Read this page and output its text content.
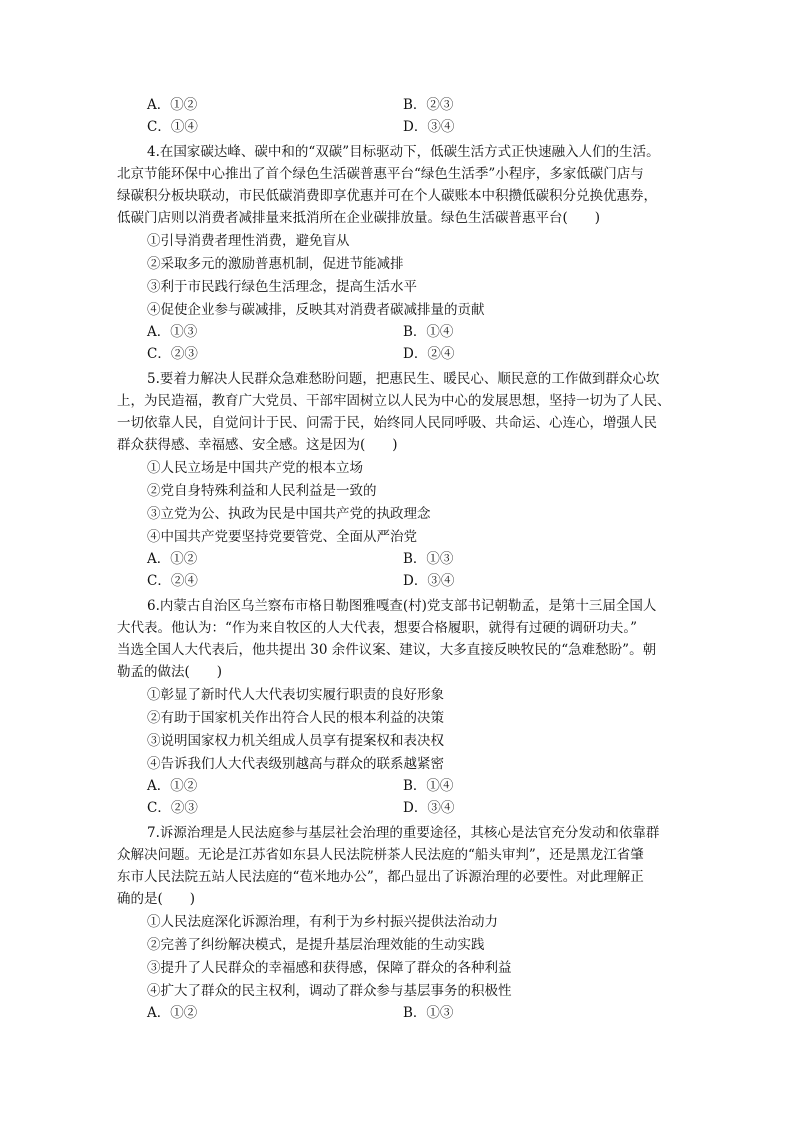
A．①②	B．②③
C．①④	D．③④
4.在国家碳达峰、碳中和的“双碳”目标驱动下，低碳生活方式正快速融入人们的生活。
北京节能环保中心推出了首个绿色生活碳普惠平台“绿色生活季”小程序，多家低碳门店与
绿碳积分板块联动，市民低碳消费即享优惠并可在个人碳账本中积攒低碳积分兑换优惠券，
低碳门店则以消费者减排量来抵消所在企业碳排放量。绿色生活碳普惠平台(　　)
①引导消费者理性消费，避免盲从
②采取多元的激励普惠机制，促进节能减排
③利于市民践行绿色生活理念，提高生活水平
④促使企业参与碳减排，反映其对消费者碳减排量的贡献
A．①③	B．①④
C．②③	D．②④
5.要着力解决人民群众急难愁盼问题，把惠民生、暖民心、顺民意的工作做到群众心坎
上，为民造福，教育广大党员、干部牢固树立以人民为中心的发展思想，坚持一切为了人民、
一切依靠人民，自觉问计于民、问需于民，始终同人民同呼吸、共命运、心连心，增强人民
群众获得感、幸福感、安全感。这是因为(　　)
①人民立场是中国共产党的根本立场
②党自身特殊利益和人民利益是一致的
③立党为公、执政为民是中国共产党的执政理念
④中国共产党要坚持党要管党、全面从严治党
A．①②	B．①③
C．②④	D．③④
6.内蒙古自治区乌兰察布市格日勒图雅嘎查(村)党支部书记朝勒孟，是第十三届全国人
大代表。他认为：“作为来自牧区的人大代表，想要合格履职，就得有过硬的调研功夫。”
当选全国人大代表后，他共提出 30 余件议案、建议，大多直接反映牧民的“急难愁盼”。朝
勒孟的做法(　　)
①彰显了新时代人大代表切实履行职责的良好形象
②有助于国家机关作出符合人民的根本利益的决策
③说明国家权力机关组成人员享有提案权和表决权
④告诉我们人大代表级别越高与群众的联系越紧密
A．①②	B．①④
C．②③	D．③④
7.诉源治理是人民法庭参与基层社会治理的重要途径，其核心是法官充分发动和依靠群
众解决问题。无论是江苏省如东县人民法院栟茶人民法庭的“船头审判”，还是黑龙江省肇
东市人民法院五站人民法庭的“苞米地办公”，都凸显出了诉源治理的必要性。对此理解正
确的是(　　)
①人民法庭深化诉源治理，有利于为乡村振兴提供法治动力
②完善了纠纷解决模式，是提升基层治理效能的生动实践
③提升了人民群众的幸福感和获得感，保障了群众的各种利益
④扩大了群众的民主权利，调动了群众参与基层事务的积极性
A．①②	B．①③
